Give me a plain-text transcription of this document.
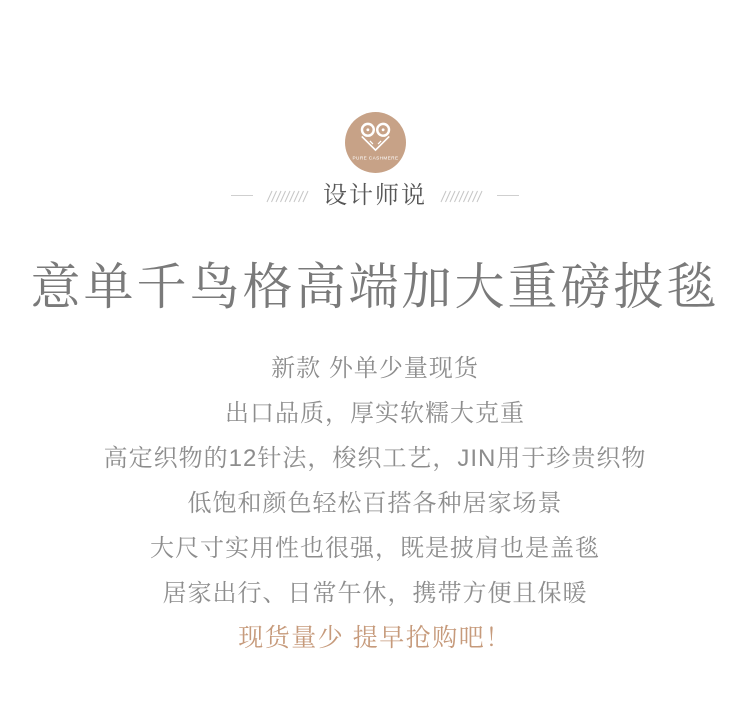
PURE CASHMERE
设计师说
意单千鸟格高端加大重磅披毯

新款 外单少量现货

出口品质，厚实软糯大克重

高定织物的12针法，梭织工艺，JIN用于珍贵织物

低饱和颜色轻松百搭各种居家场景

大尺寸实用性也很强，既是披肩也是盖毯

居家出行、日常午休，携带方便且保暖

现货量少 提早抢购吧！
